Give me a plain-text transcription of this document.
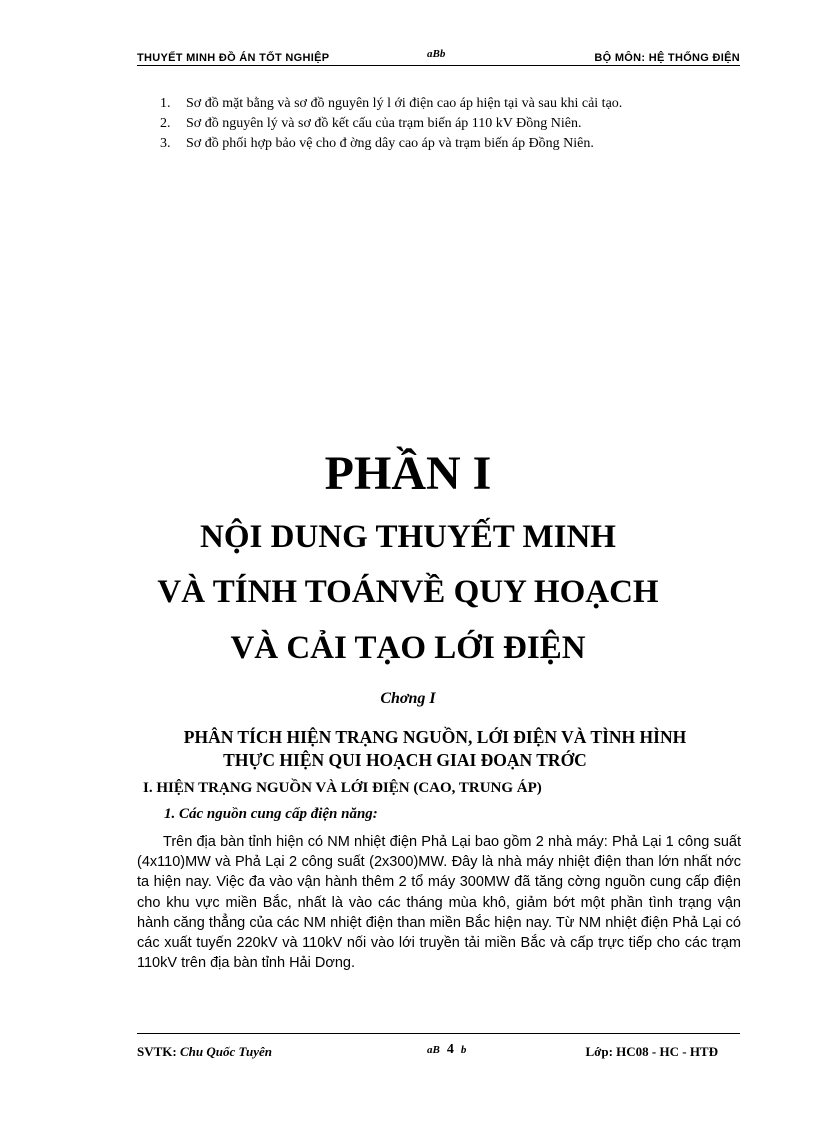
THUYẾT MINH ĐỒ ÁN TỐT NGHIỆP	aBb	BỘ MÔN: HỆ THỐNG ĐIỆN
1. Sơ đồ mặt bằng và sơ đồ nguyên lý l ới điện cao áp hiện tại và sau khi cải tạo.
2. Sơ đồ nguyên lý và sơ đồ kết cấu của trạm biến áp 110 kV Đồng Niên.
3. Sơ đồ phối hợp bảo vệ cho đ ờng dây cao áp và trạm biến áp Đồng Niên.
PHẦN I
NỘI DUNG THUYẾT MINH
VÀ TÍNH TOÁNVỀ QUY HOẠCH
VÀ CẢI TẠO LỚI ĐIỆN
Chơng I
PHÂN TÍCH HIỆN TRẠNG NGUỒN, LỚI ĐIỆN VÀ TÌNH HÌNH
THỰC HIỆN QUI HOẠCH GIAI ĐOẠN TRỚC
I. HIỆN TRẠNG NGUỒN VÀ LỚI ĐIỆN (CAO, TRUNG ÁP)
1. Các nguồn cung cấp điện năng:

Trên địa bàn tỉnh hiện có NM nhiệt điện Phả Lại bao gồm 2 nhà máy: Phả Lại 1 công suất (4x110)MW và Phả Lại 2 công suất (2x300)MW. Đây là nhà máy nhiệt điện than lớn nhất nớc ta hiện nay. Việc đa vào vận hành thêm 2 tổ máy 300MW đã tăng cờng nguồn cung cấp điện cho khu vực miền Bắc, nhất là vào các tháng mùa khô, giảm bớt một phần tình trạng vận hành căng thẳng của các NM nhiệt điện than miền Bắc hiện nay. Từ NM nhiệt điện Phả Lại có các xuất tuyến 220kV và 110kV nối vào lới truyền tải miền Bắc và cấp trực tiếp cho các trạm 110kV trên địa bàn tỉnh Hải Dơng.

SVTK: Chu Quốc Tuyên	aB 4 b	Lớp: HC08 - HC - HTĐ
